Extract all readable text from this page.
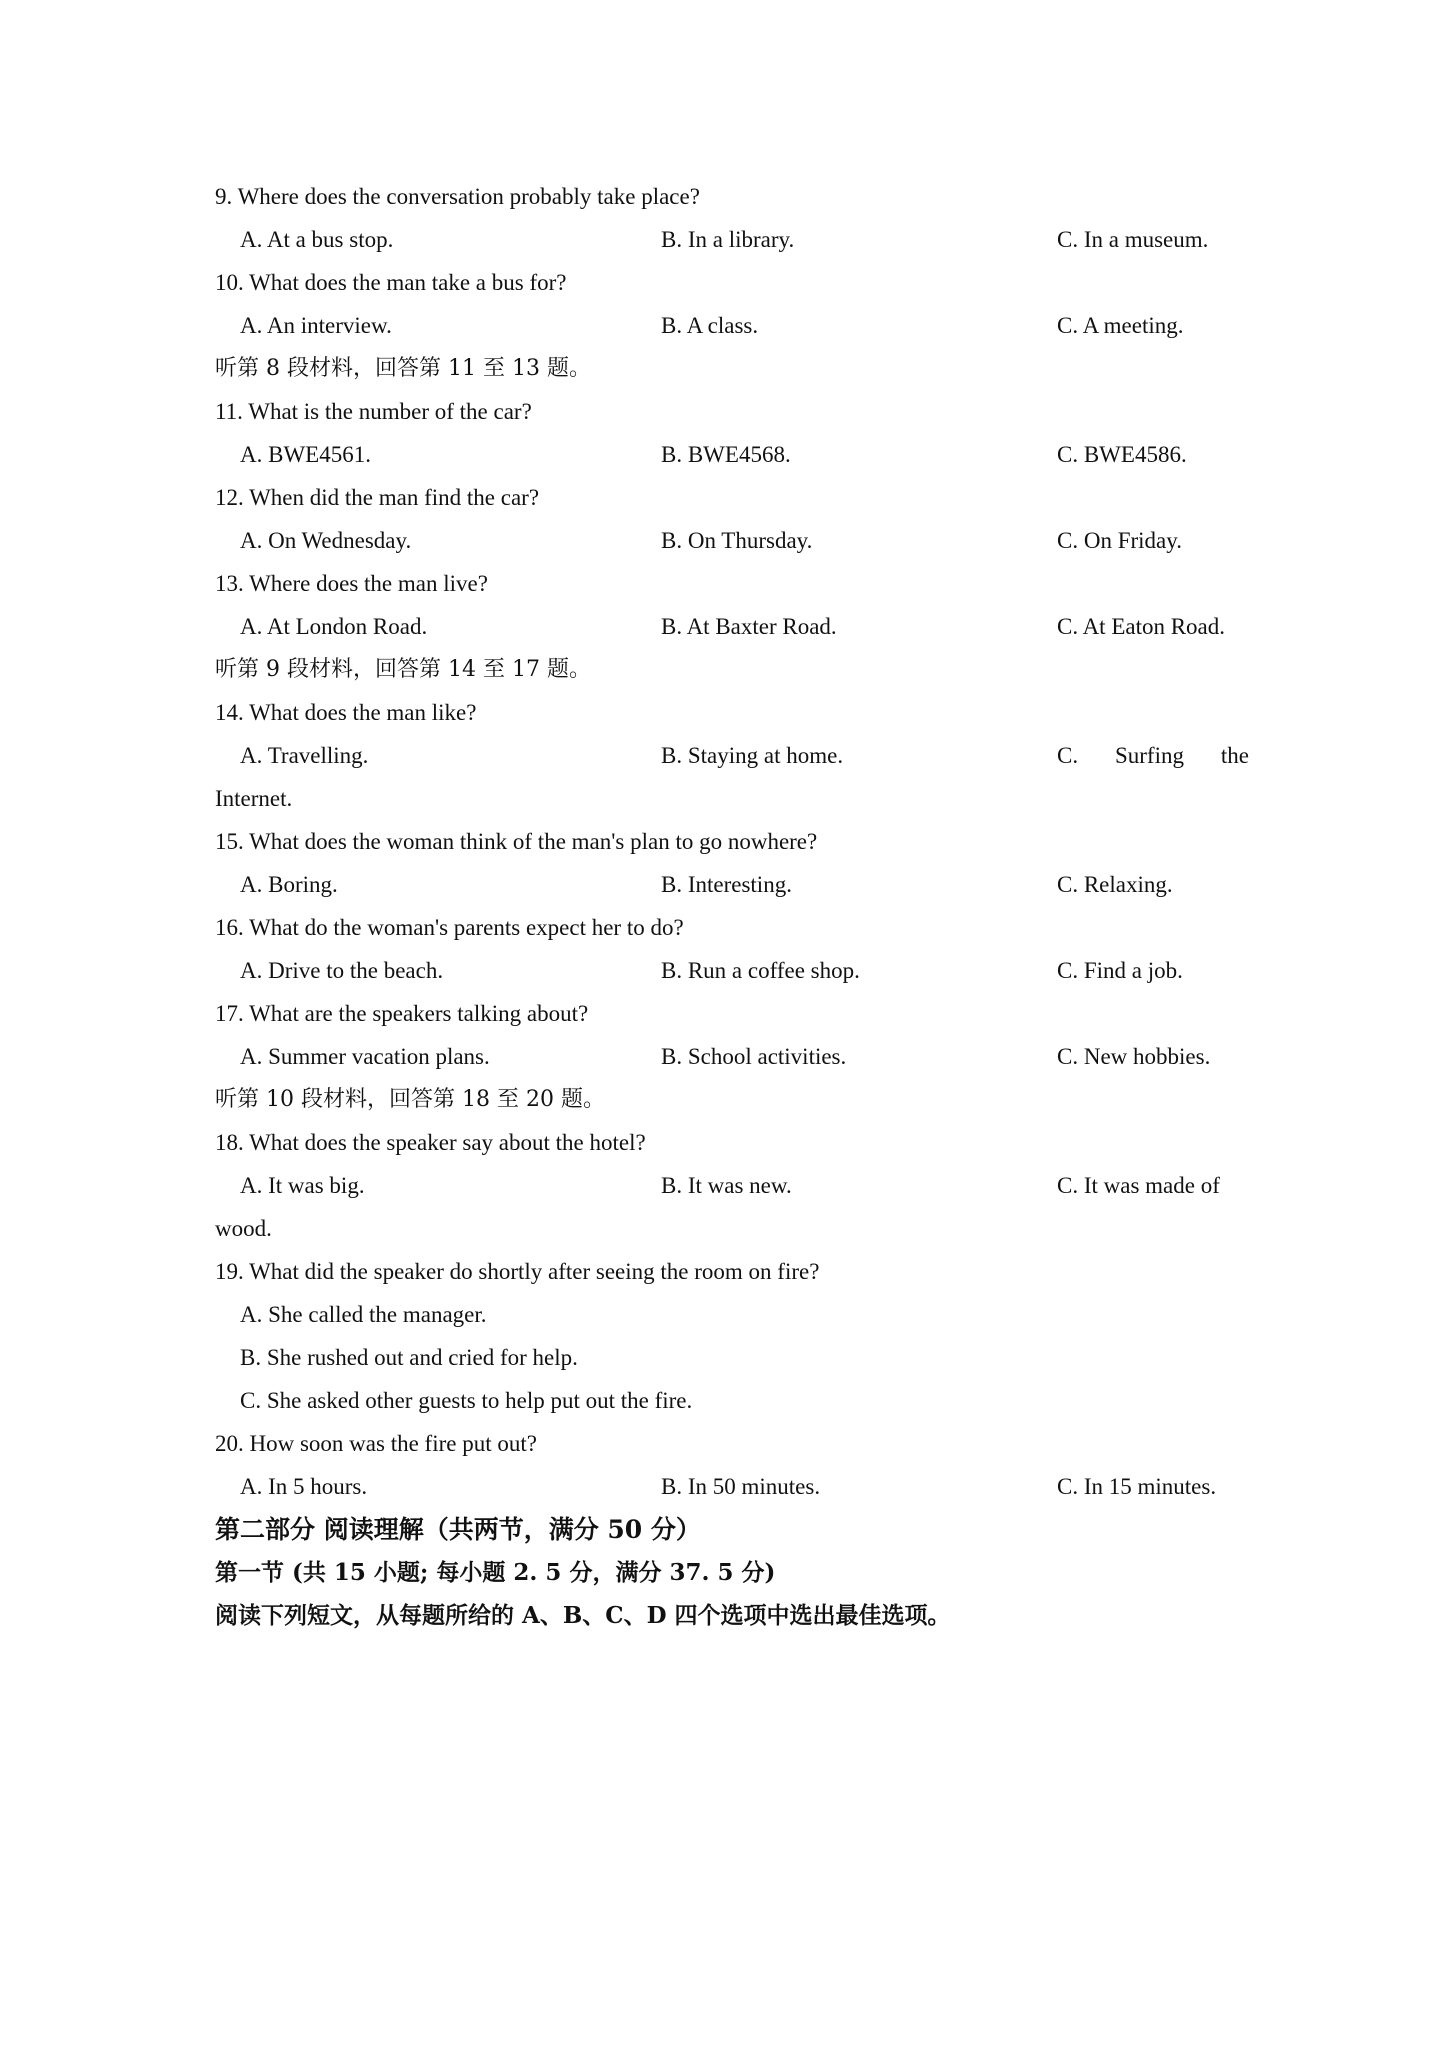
9. Where does the conversation probably take place?
A. At a bus stop.	B. In a library.	C. In a museum.
10. What does the man take a bus for?
A. An interview.	B. A class.	C. A meeting.
听第 8 段材料，回答第 11 至 13 题。
11. What is the number of the car?
A. BWE4561.	B. BWE4568.	C. BWE4586.
12. When did the man find the car?
A. On Wednesday.	B. On Thursday.	C. On Friday.
13. Where does the man live?
A. At London Road.	B. At Baxter Road.	C. At Eaton Road.
听第 9 段材料，回答第 14 至 17 题。
14. What does the man like?
A. Travelling.	B. Staying at home.	C. Surfing the
Internet.
15. What does the woman think of the man's plan to go nowhere?
A. Boring.	B. Interesting.	C. Relaxing.
16. What do the woman's parents expect her to do?
A. Drive to the beach.	B. Run a coffee shop.	C. Find a job.
17. What are the speakers talking about?
A. Summer vacation plans.	B. School activities.	C. New hobbies.
听第 10 段材料，回答第 18 至 20 题。
18. What does the speaker say about the hotel?
A. It was big.	B. It was new.	C. It was made of
wood.
19. What did the speaker do shortly after seeing the room on fire?
A. She called the manager.
B. She rushed out and cried for help.
C. She asked other guests to help put out the fire.
20. How soon was the fire put out?
A. In 5 hours.	B. In 50 minutes.	C. In 15 minutes.
第二部分 阅读理解（共两节，满分 50 分）
第一节 (共 15 小题; 每小题 2. 5 分，满分 37. 5 分)
阅读下列短文，从每题所给的 A、B、C、D 四个选项中选出最佳选项。
